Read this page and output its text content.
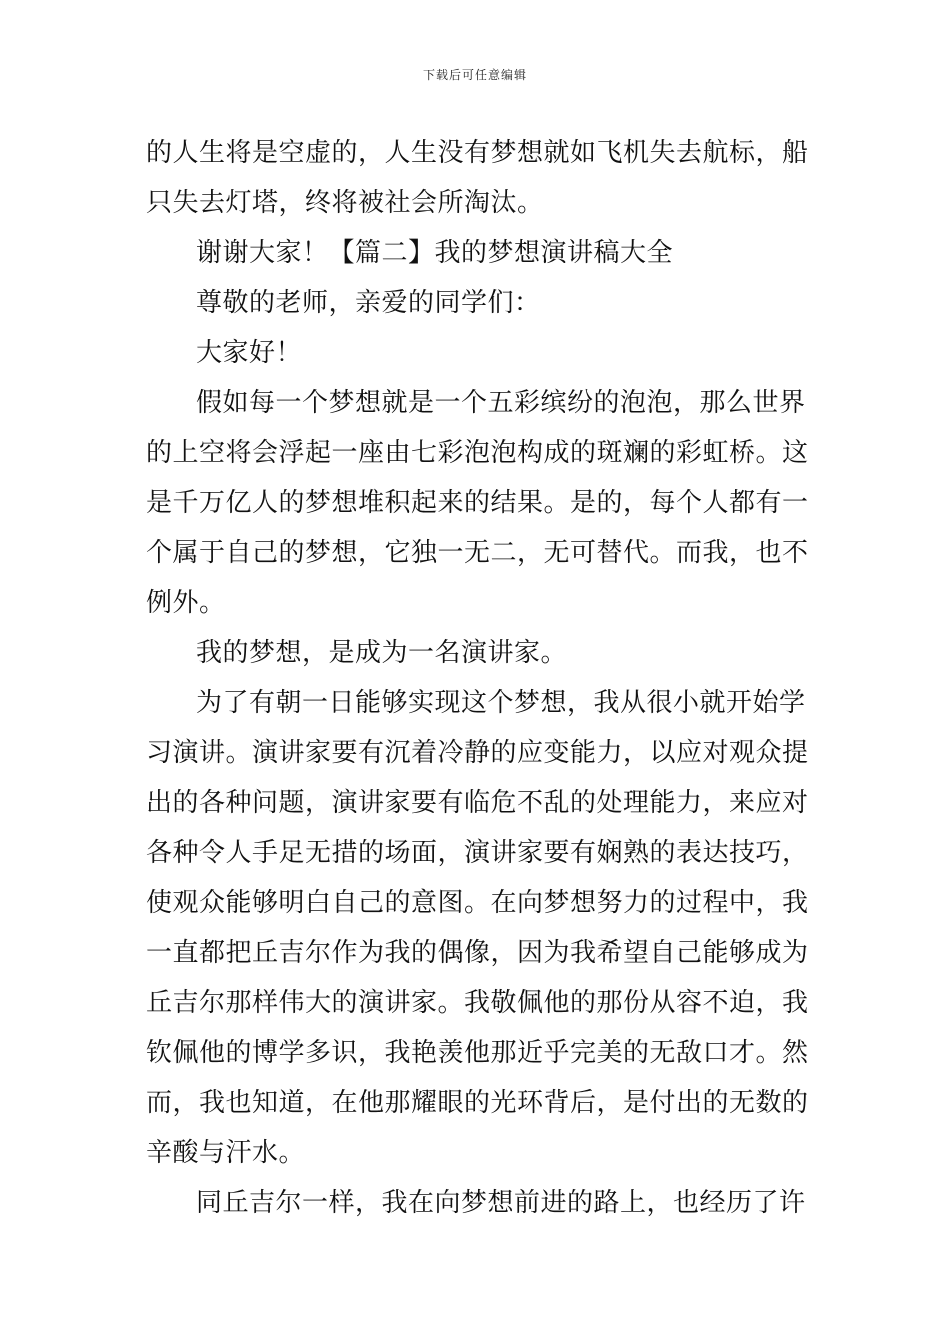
下载后可任意编辑
的人生将是空虚的，人生没有梦想就如飞机失去航标，船
只失去灯塔，终将被社会所淘汰。
谢谢大家！【篇二】我的梦想演讲稿大全
尊敬的老师，亲爱的同学们：
大家好！
假如每一个梦想就是一个五彩缤纷的泡泡，那么世界
的上空将会浮起一座由七彩泡泡构成的斑斓的彩虹桥。这
是千万亿人的梦想堆积起来的结果。是的，每个人都有一
个属于自己的梦想，它独一无二，无可替代。而我，也不
例外。
我的梦想，是成为一名演讲家。
为了有朝一日能够实现这个梦想，我从很小就开始学
习演讲。演讲家要有沉着冷静的应变能力，以应对观众提
出的各种问题，演讲家要有临危不乱的处理能力，来应对
各种令人手足无措的场面，演讲家要有娴熟的表达技巧，
使观众能够明白自己的意图。在向梦想努力的过程中，我
一直都把丘吉尔作为我的偶像，因为我希望自己能够成为
丘吉尔那样伟大的演讲家。我敬佩他的那份从容不迫，我
钦佩他的博学多识，我艳羡他那近乎完美的无敌口才。然
而，我也知道，在他那耀眼的光环背后，是付出的无数的
辛酸与汗水。
同丘吉尔一样，我在向梦想前进的路上，也经历了许
